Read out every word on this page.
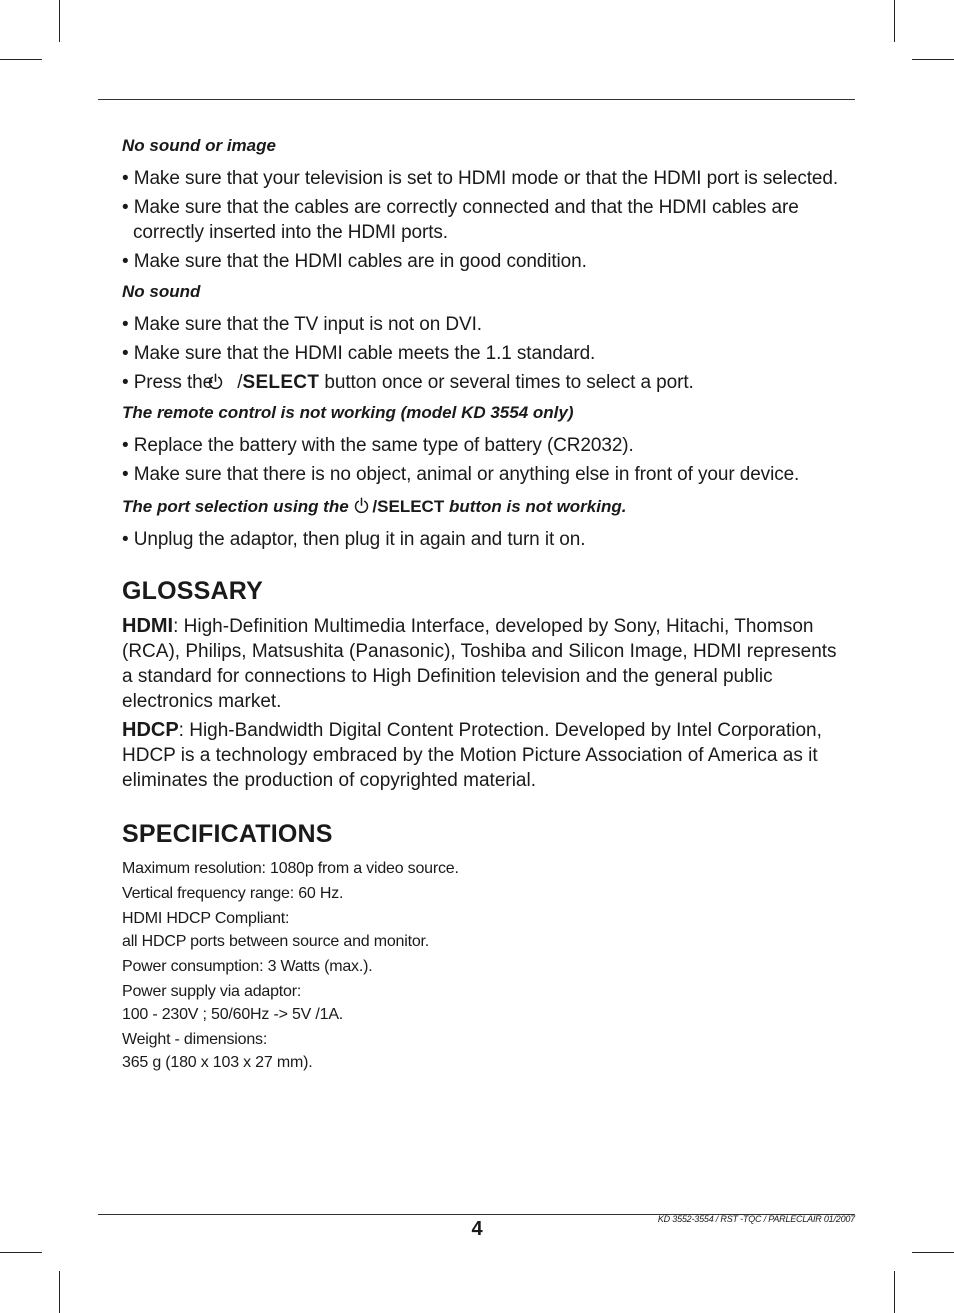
No sound or image

• Make sure that your television is set to HDMI mode or that the HDMI port is selected.

• Make sure that the cables are correctly connected and that the HDMI cables are correctly inserted into the HDMI ports.

• Make sure that the HDMI cables are in good condition.

No sound

• Make sure that the TV input is not on DVI.

• Make sure that the HDMI cable meets the 1.1 standard.

• Press the /SELECT button once or several times to select a port.

The remote control is not working (model KD 3554 only)

• Replace the battery with the same type of battery (CR2032).

• Make sure that there is no object, animal or anything else in front of your device.

The port selection using the /SELECT button is not working.

• Unplug the adaptor, then plug it in again and turn it on.

GLOSSARY

HDMI: High-Definition Multimedia Interface, developed by Sony, Hitachi, Thomson (RCA), Philips, Matsushita (Panasonic), Toshiba and Silicon Image, HDMI represents a standard for connections to High Definition television and the general public electronics market.

HDCP: High-Bandwidth Digital Content Protection. Developed by Intel Corporation, HDCP is a technology embraced by the Motion Picture Association of America as it eliminates the production of copyrighted material.

SPECIFICATIONS

Maximum resolution: 1080p from a video source.

Vertical frequency range: 60 Hz.

HDMI HDCP Compliant:

all HDCP ports between source and monitor.

Power consumption: 3 Watts (max.).

Power supply via adaptor:

100 - 230V ; 50/60Hz -> 5V /1A.

Weight - dimensions:

365 g (180 x 103 x 27 mm).

4	KD 3552-3554 / RST -TQC / PARLECLAIR 01/2007
